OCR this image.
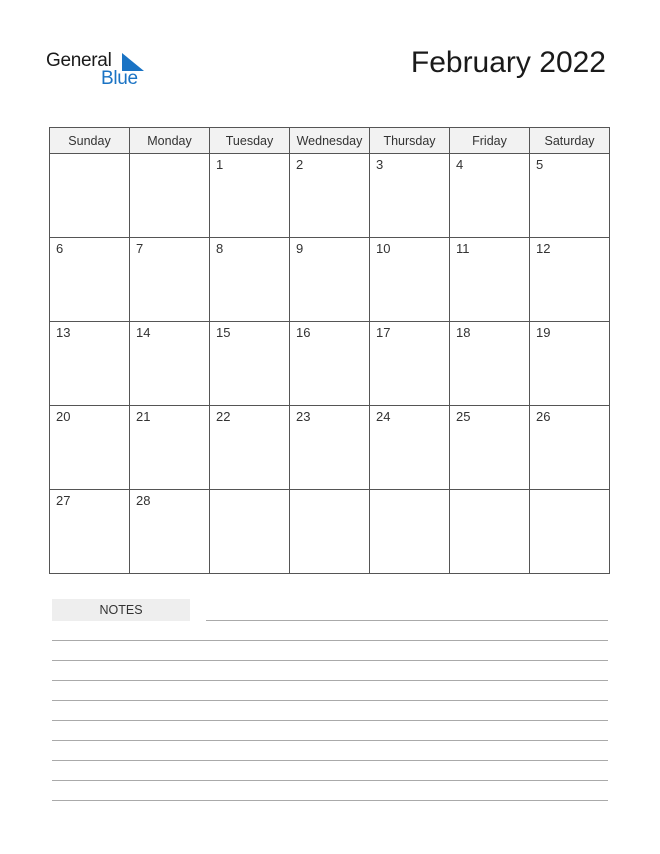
General
Blue	February 2022
Sunday	Monday	Tuesday	Wednesday	Thursday	Friday	Saturday

		1	2	3	4	5

6	7	8	9	10	11	12

13	14	15	16	17	18	19

20	21	22	23	24	25	26

27	28					

NOTES
